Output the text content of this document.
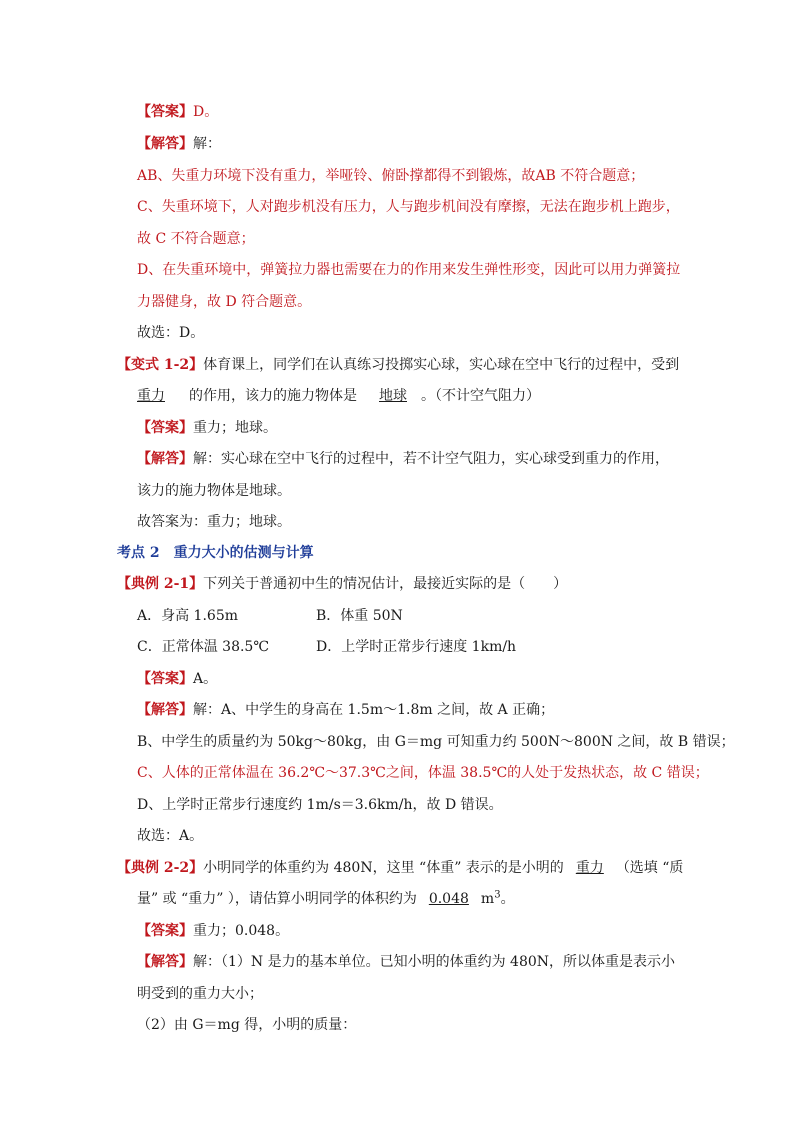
【答案】D。
【解答】解：
AB、失重力环境下没有重力，举哑铃、俯卧撑都得不到锻炼，故AB 不符合题意；
C、失重环境下，人对跑步机没有压力，人与跑步机间没有摩擦，无法在跑步机上跑步，
故 C 不符合题意；
D、在失重环境中，弹簧拉力器也需要在力的作用来发生弹性形变，因此可以用力弹簧拉
力器健身，故 D 符合题意。
故选：D。
【变式 1-2】体育课上，同学们在认真练习投掷实心球，实心球在空中飞行的过程中，受到
重力 的作用，该力的施力物体是 地球 。（不计空气阻力）
【答案】重力；地球。
【解答】解：实心球在空中飞行的过程中，若不计空气阻力，实心球受到重力的作用，
该力的施力物体是地球。
故答案为：重力；地球。
考点 2　重力大小的估测与计算
【典例 2-1】下列关于普通初中生的情况估计，最接近实际的是（　　）
A．身高 1.65m	B．体重 50N
C．正常体温 38.5℃	D．上学时正常步行速度 1km/h
【答案】A。
【解答】解：A、中学生的身高在 1.5m～1.8m 之间，故 A 正确；
B、中学生的质量约为 50kg～80kg，由 G＝mg 可知重力约 500N～800N 之间，故 B 错误；
C、人体的正常体温在 36.2℃～37.3℃之间，体温 38.5℃的人处于发热状态，故 C 错误；
D、上学时正常步行速度约 1m/s＝3.6km/h，故 D 错误。
故选：A。
【典例 2-2】小明同学的体重约为 480N，这里 “体重” 表示的是小明的 重力 （选填 “质
量” 或 “重力” ），请估算小明同学的体积约为 0.048 $m^3$。
【答案】重力；0.048。
【解答】解：（1）N 是力的基本单位。已知小明的体重约为 480N，所以体重是表示小
明受到的重力大小；
（2）由 G＝mg 得，小明的质量：
